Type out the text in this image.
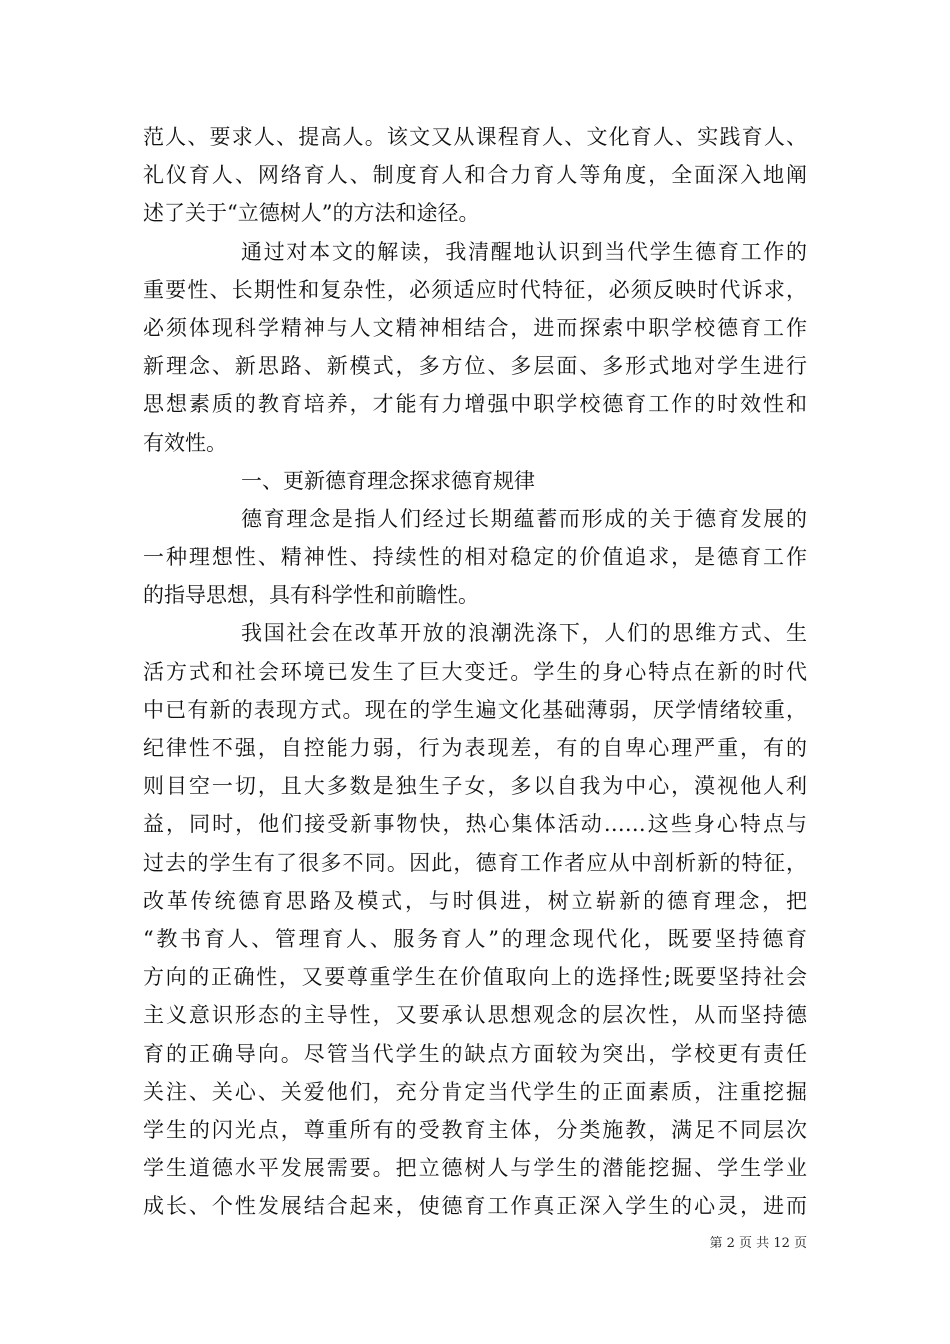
范人、要求人、提高人。该文又从课程育人、文化育人、实践育人、
礼仪育人、网络育人、制度育人和合力育人等角度，全面深入地阐
述了关于“立德树人”的方法和途径。
通过对本文的解读，我清醒地认识到当代学生德育工作的
重要性、长期性和复杂性，必须适应时代特征，必须反映时代诉求，
必须体现科学精神与人文精神相结合，进而探索中职学校德育工作
新理念、新思路、新模式，多方位、多层面、多形式地对学生进行
思想素质的教育培养，才能有力增强中职学校德育工作的时效性和
有效性。
一、更新德育理念探求德育规律
德育理念是指人们经过长期蕴蓄而形成的关于德育发展的
一种理想性、精神性、持续性的相对稳定的价值追求，是德育工作
的指导思想，具有科学性和前瞻性。
我国社会在改革开放的浪潮洗涤下，人们的思维方式、生
活方式和社会环境已发生了巨大变迁。学生的身心特点在新的时代
中已有新的表现方式。现在的学生遍文化基础薄弱，厌学情绪较重，
纪律性不强，自控能力弱，行为表现差，有的自卑心理严重，有的
则目空一切，且大多数是独生子女，多以自我为中心，漠视他人利
益，同时，他们接受新事物快，热心集体活动……这些身心特点与
过去的学生有了很多不同。因此，德育工作者应从中剖析新的特征，
改革传统德育思路及模式，与时俱进，树立崭新的德育理念，把
“教书育人、管理育人、服务育人”的理念现代化，既要坚持德育
方向的正确性，又要尊重学生在价值取向上的选择性;既要坚持社会
主义意识形态的主导性，又要承认思想观念的层次性，从而坚持德
育的正确导向。尽管当代学生的缺点方面较为突出，学校更有责任
关注、关心、关爱他们，充分肯定当代学生的正面素质，注重挖掘
学生的闪光点，尊重所有的受教育主体，分类施教，满足不同层次
学生道德水平发展需要。把立德树人与学生的潜能挖掘、学生学业
成长、个性发展结合起来，使德育工作真正深入学生的心灵，进而
第 2 页 共 12 页
